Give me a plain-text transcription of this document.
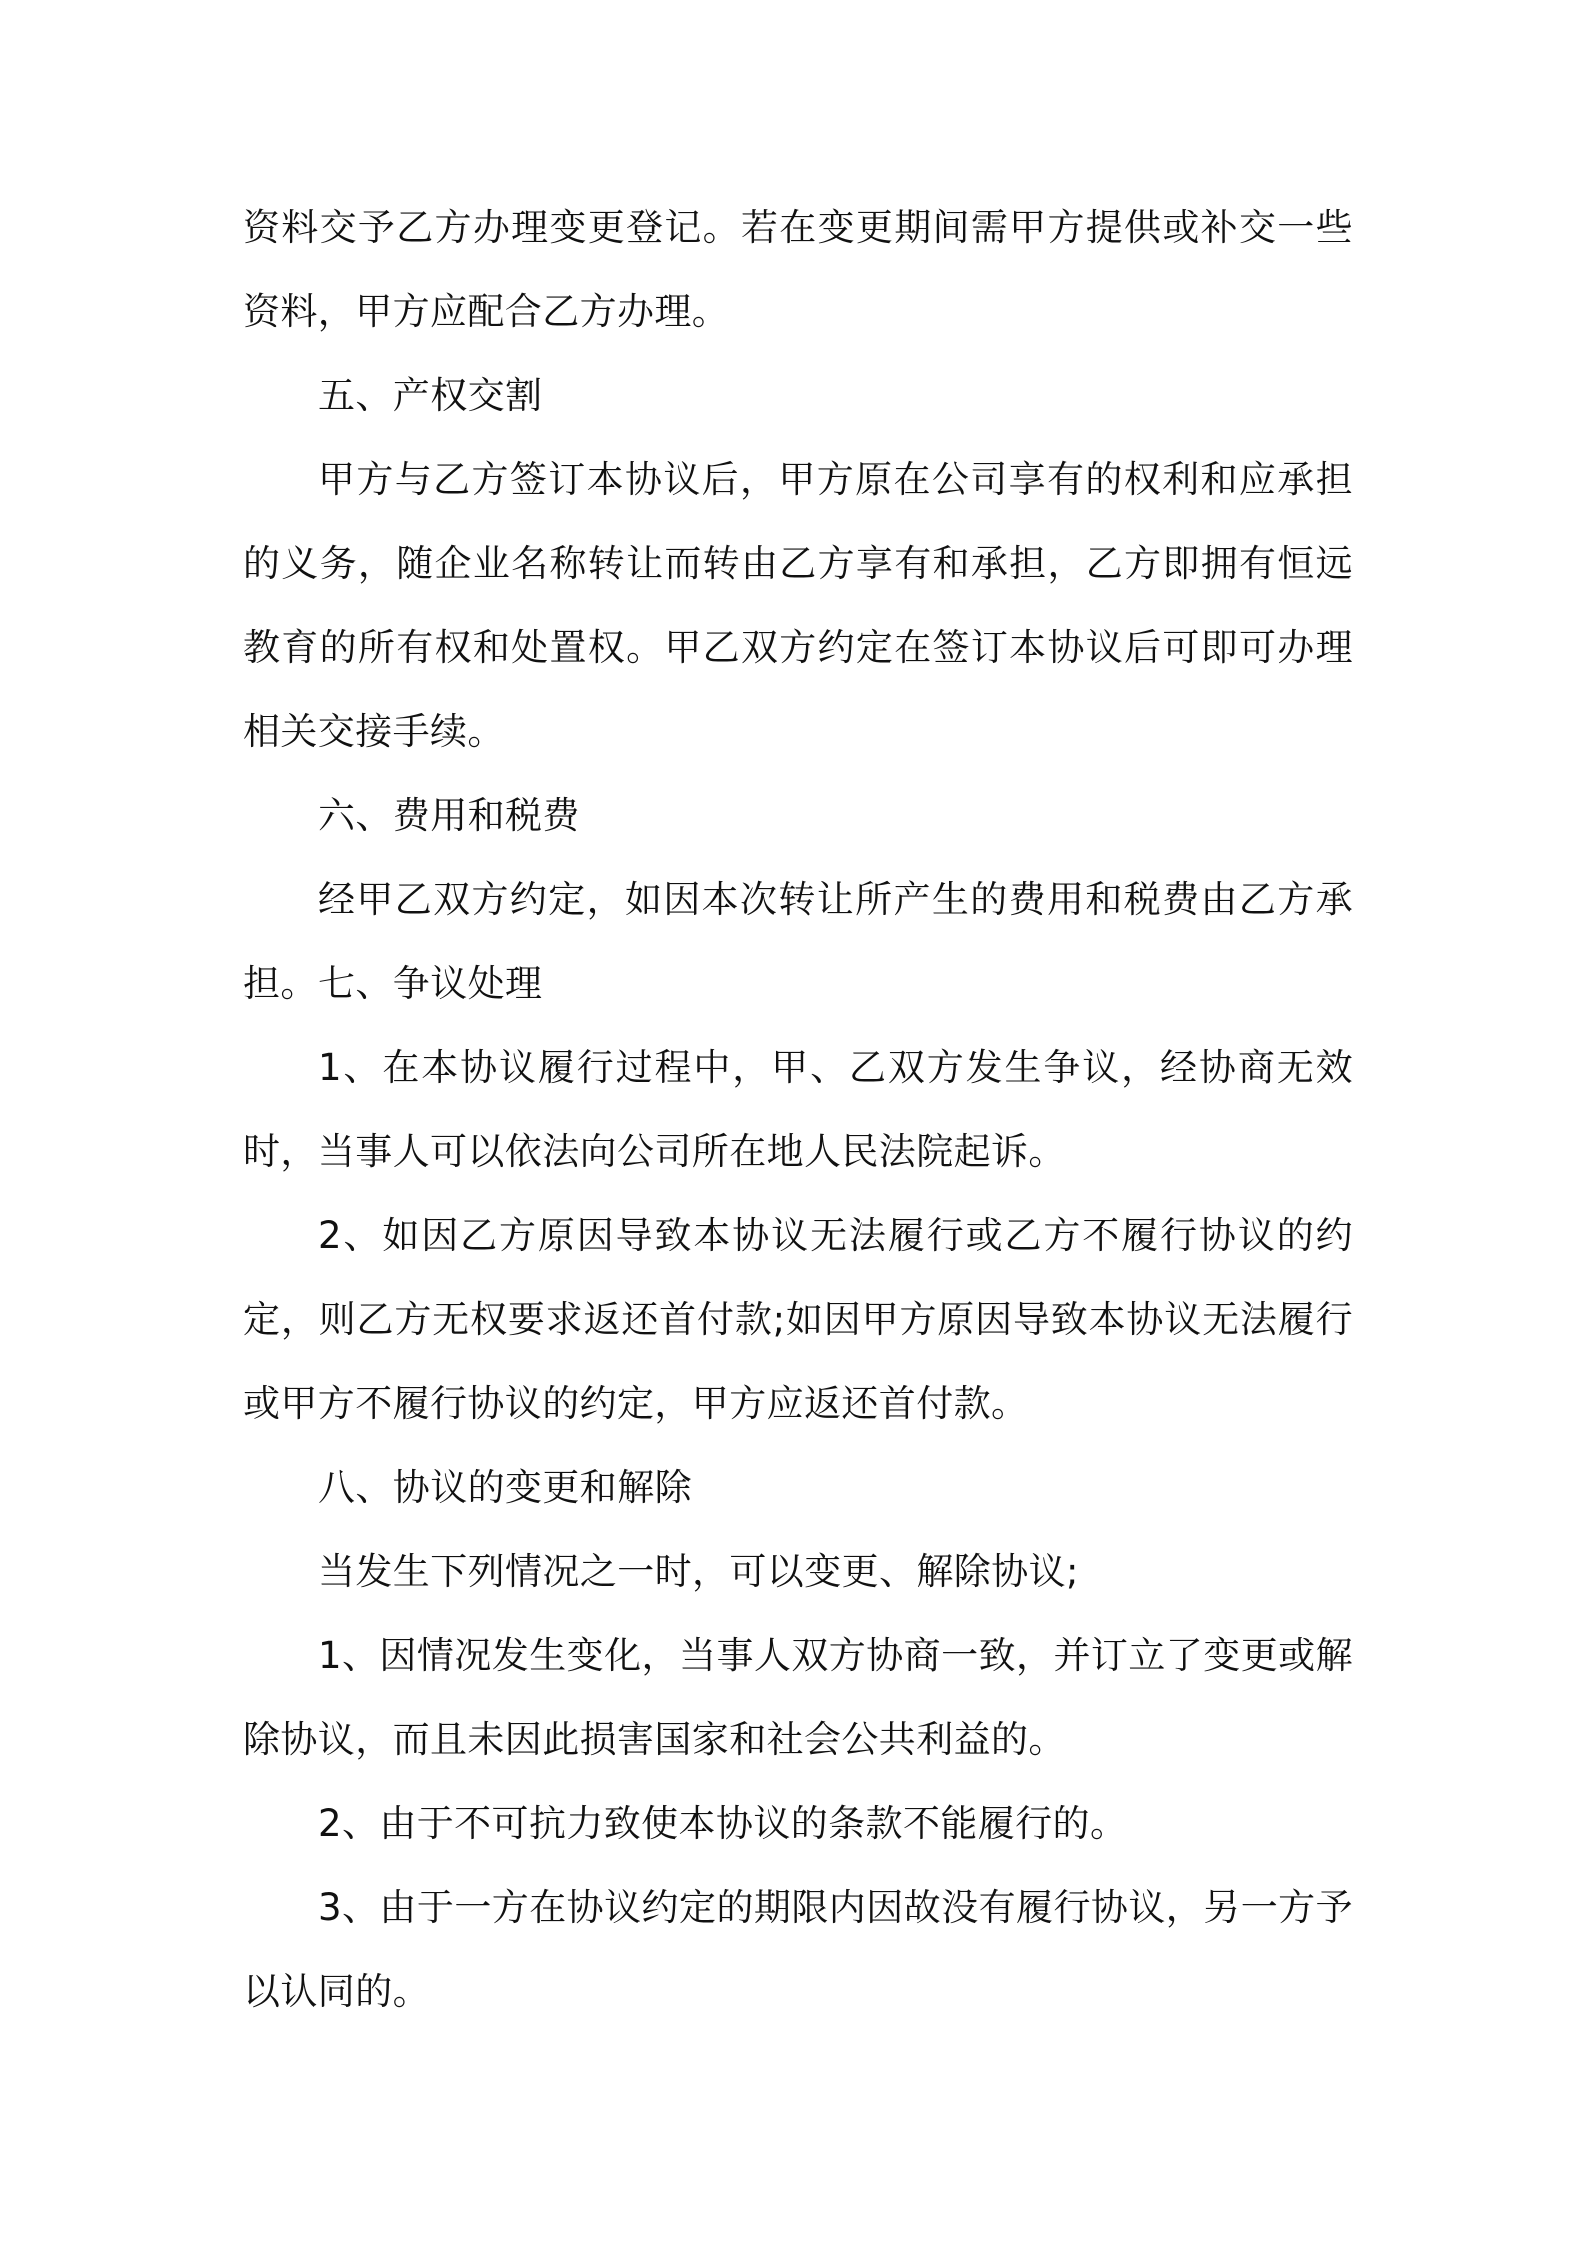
资料交予乙方办理变更登记。若在变更期间需甲方提供或补交一些资料，甲方应配合乙方办理。

五、产权交割

甲方与乙方签订本协议后，甲方原在公司享有的权利和应承担的义务，随企业名称转让而转由乙方享有和承担，乙方即拥有恒远教育的所有权和处置权。甲乙双方约定在签订本协议后可即可办理相关交接手续。

六、费用和税费

经甲乙双方约定，如因本次转让所产生的费用和税费由乙方承担。 七、争议处理

1、在本协议履行过程中，甲、乙双方发生争议，经协商无效时，当事人可以依法向公司所在地人民法院起诉。

2、如因乙方原因导致本协议无法履行或乙方不履行协议的约定，则乙方无权要求返还首付款;如因甲方原因导致本协议无法履行或甲方不履行协议的约定，甲方应返还首付款。

八、协议的变更和解除

当发生下列情况之一时，可以变更、解除协议;

1、因情况发生变化，当事人双方协商一致，并订立了变更或解除协议，而且未因此损害国家和社会公共利益的。

2、由于不可抗力致使本协议的条款不能履行的。

3、由于一方在协议约定的期限内因故没有履行协议，另一方予以认同的。
